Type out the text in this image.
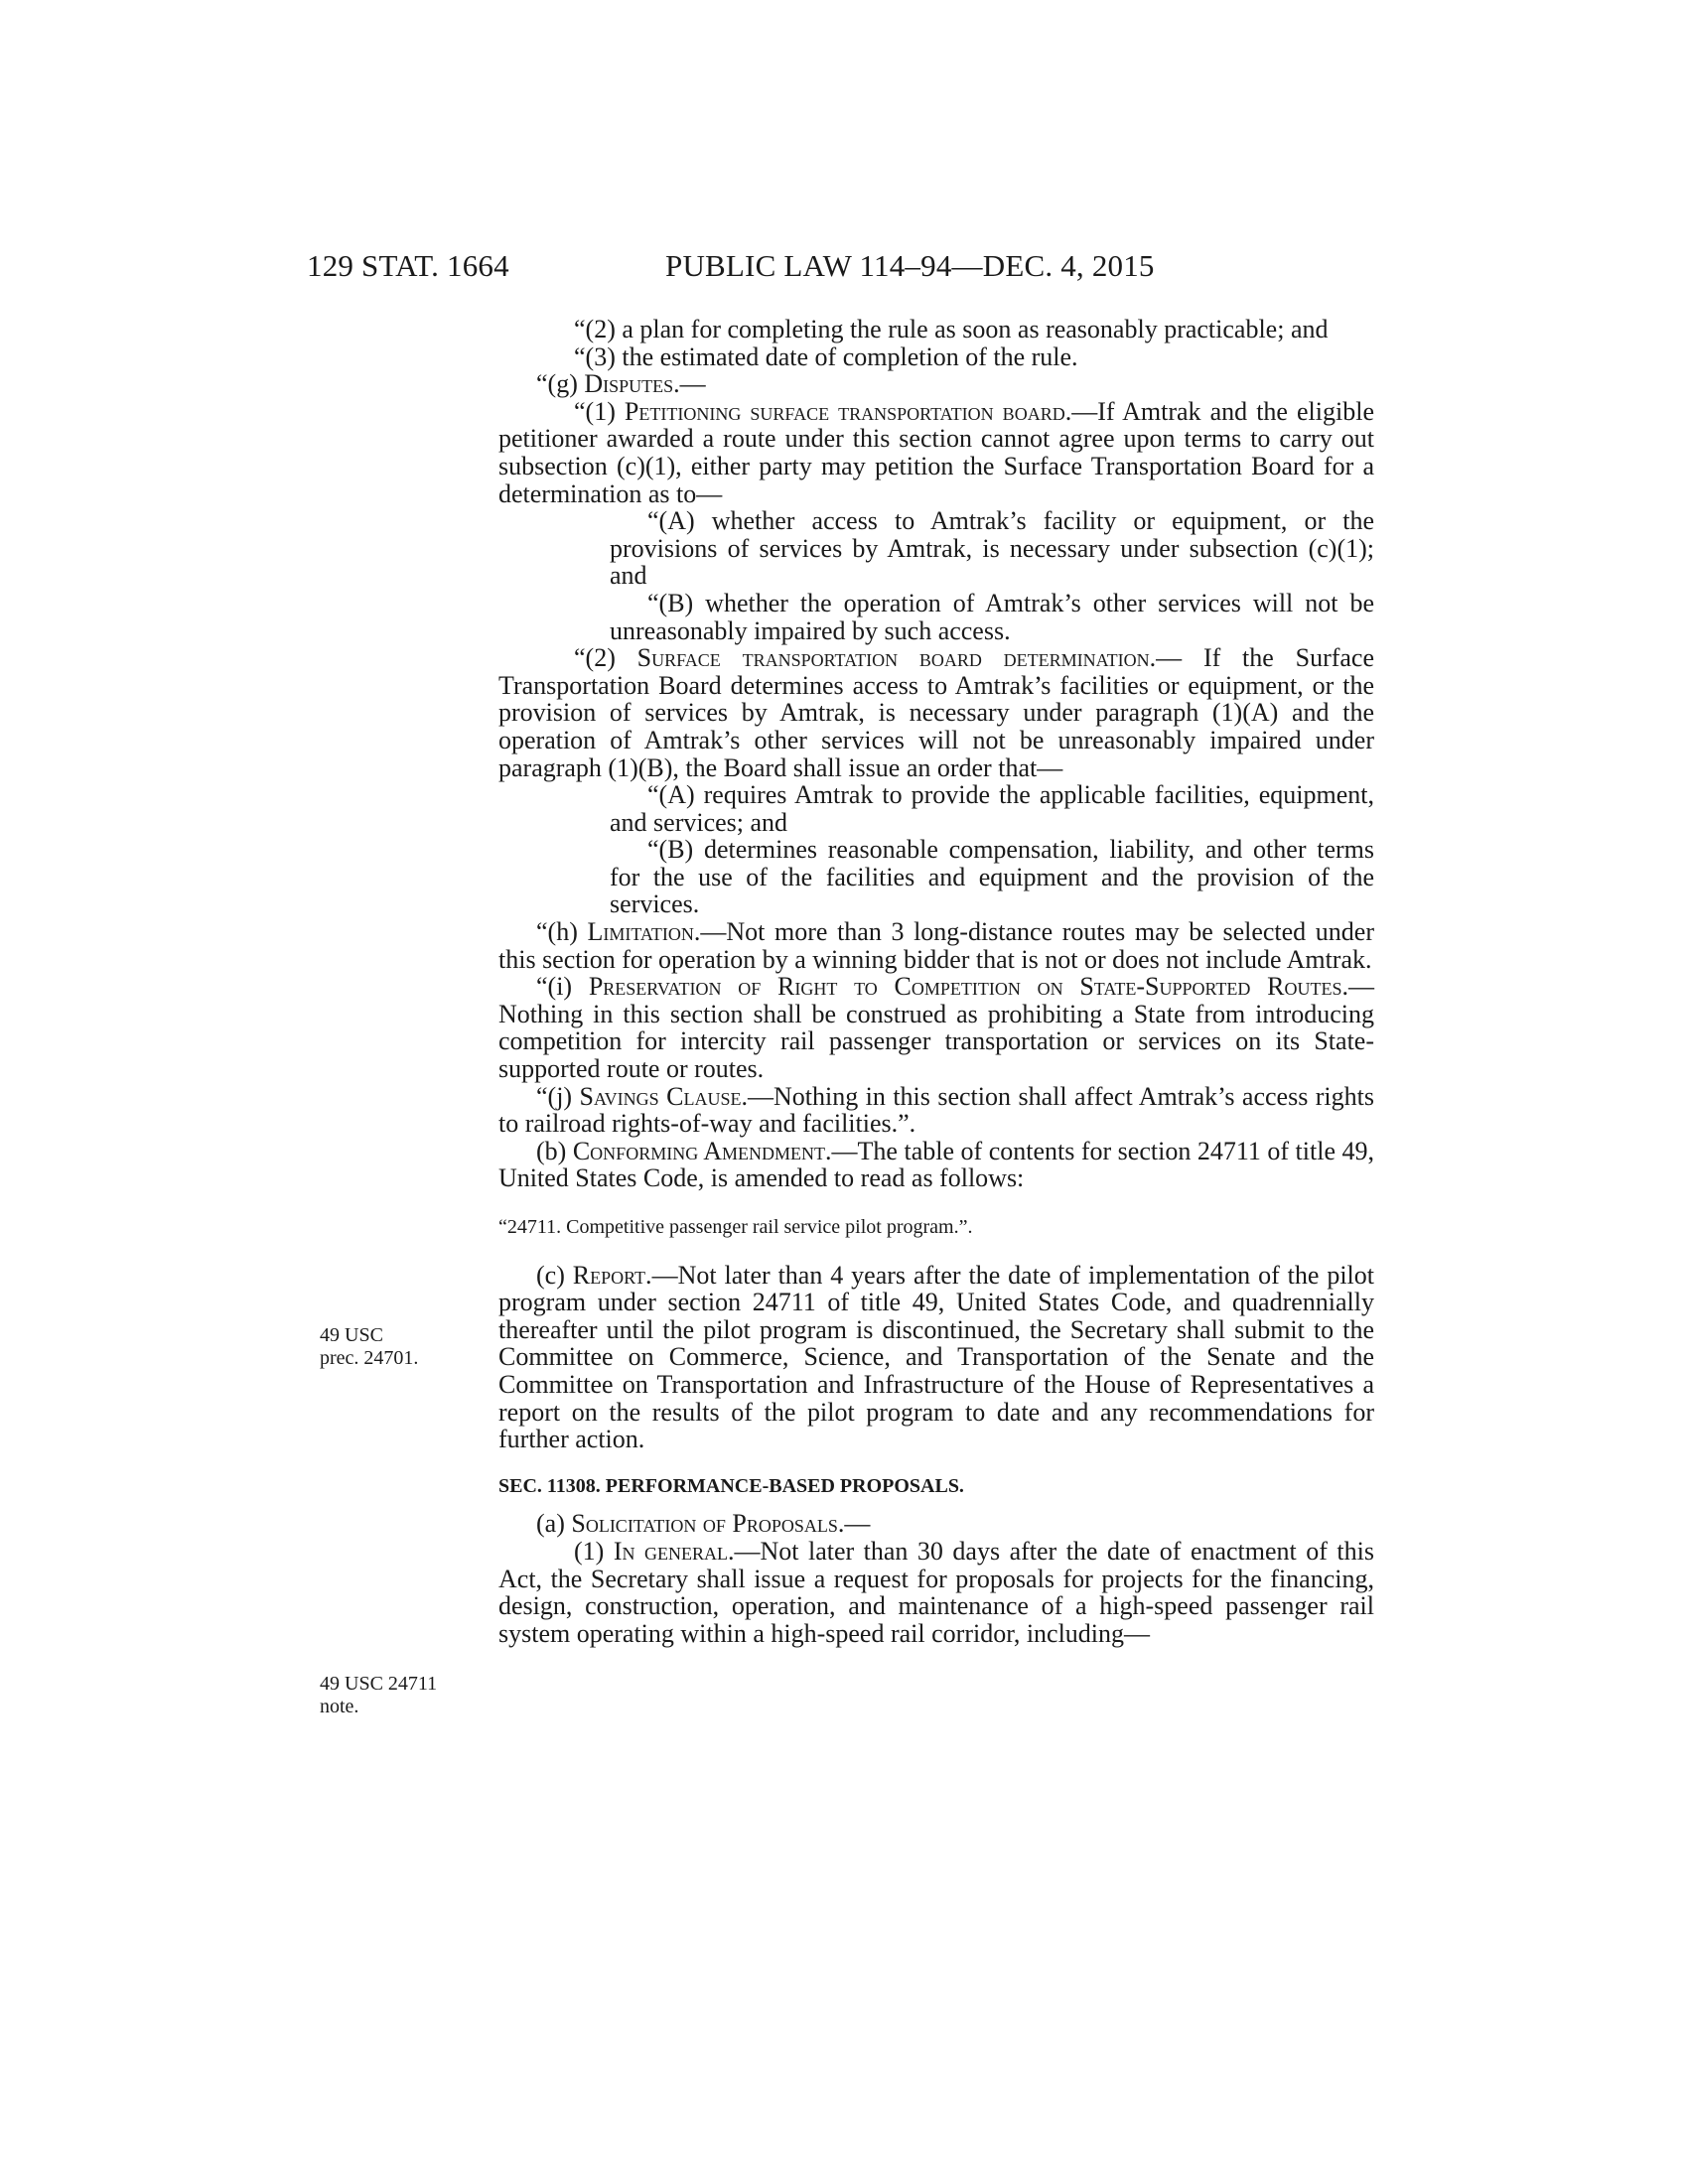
129 STAT. 1664	PUBLIC LAW 114–94—DEC. 4, 2015
49 USC
prec. 24701.
49 USC 24711
note.

“(2) a plan for completing the rule as soon as reasonably practicable; and

“(3) the estimated date of completion of the rule.

“(g) Disputes.—

“(1) Petitioning surface transportation board.—If Amtrak and the eligible petitioner awarded a route under this section cannot agree upon terms to carry out subsection (c)(1), either party may petition the Surface Transportation Board for a determination as to—

“(A) whether access to Amtrak’s facility or equipment, or the provisions of services by Amtrak, is necessary under subsection (c)(1); and

“(B) whether the operation of Amtrak’s other services will not be unreasonably impaired by such access.

“(2) Surface transportation board determination.— If the Surface Transportation Board determines access to Amtrak’s facilities or equipment, or the provision of services by Amtrak, is necessary under paragraph (1)(A) and the operation of Amtrak’s other services will not be unreasonably impaired under paragraph (1)(B), the Board shall issue an order that—

“(A) requires Amtrak to provide the applicable facilities, equipment, and services; and

“(B) determines reasonable compensation, liability, and other terms for the use of the facilities and equipment and the provision of the services.

“(h) Limitation.—Not more than 3 long-distance routes may be selected under this section for operation by a winning bidder that is not or does not include Amtrak.

“(i) Preservation of Right to Competition on State-Supported Routes.—Nothing in this section shall be construed as prohibiting a State from introducing competition for intercity rail passenger transportation or services on its State-supported route or routes.

“(j) Savings Clause.—Nothing in this section shall affect Amtrak’s access rights to railroad rights-of-way and facilities.”.

(b) Conforming Amendment.—The table of contents for section 24711 of title 49, United States Code, is amended to read as follows:

“24711. Competitive passenger rail service pilot program.”.

(c) Report.—Not later than 4 years after the date of implementation of the pilot program under section 24711 of title 49, United States Code, and quadrennially thereafter until the pilot program is discontinued, the Secretary shall submit to the Committee on Commerce, Science, and Transportation of the Senate and the Committee on Transportation and Infrastructure of the House of Representatives a report on the results of the pilot program to date and any recommendations for further action.

SEC. 11308. PERFORMANCE-BASED PROPOSALS.

(a) Solicitation of Proposals.—

(1) In general.—Not later than 30 days after the date of enactment of this Act, the Secretary shall issue a request for proposals for projects for the financing, design, construction, operation, and maintenance of a high-speed passenger rail system operating within a high-speed rail corridor, including—
